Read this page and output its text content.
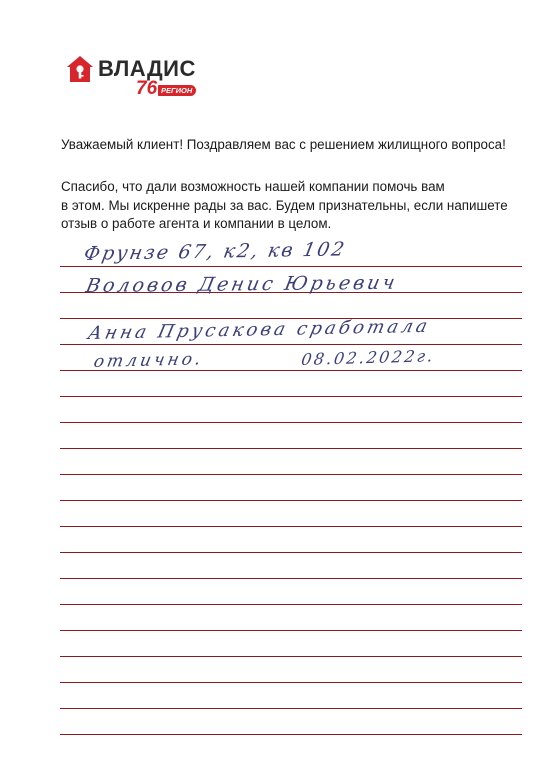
ВЛАДИС
76 РЕГИОН
Уважаемый клиент! Поздравляем вас с решением жилищного вопроса!
Спасибо, что дали возможность нашей компании помочь вам
в этом. Мы искренне рады за вас. Будем признательны, если напишете
отзыв о работе агента и компании в целом.
Фрунзе 67, к2, кв 102
Воловов Денис Юрьевич
Анна Прусакова сработала
отлично.	08.02.2022г.
